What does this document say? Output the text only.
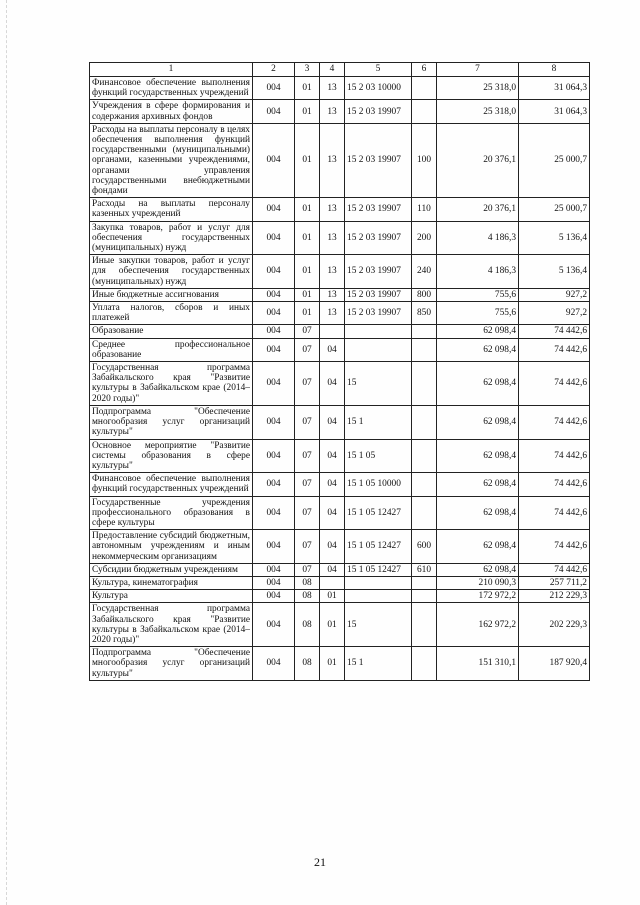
1	2	3	4	5	6	7	8
Финансовое обеспечение выполнения функций государственных учреждений	004	01	13	15 2 03 10000		25 318,0	31 064,3
Учреждения в сфере формирования и содержания архивных фондов	004	01	13	15 2 03 19907		25 318,0	31 064,3
Расходы на выплаты персоналу в целях обеспечения выполнения функций государственными (муниципальными) органами, казенными учреждениями, органами управления государственными внебюджетными фондами	004	01	13	15 2 03 19907	100	20 376,1	25 000,7
Расходы на выплаты персоналу казенных учреждений	004	01	13	15 2 03 19907	110	20 376,1	25 000,7
Закупка товаров, работ и услуг для обеспечения государственных (муниципальных) нужд	004	01	13	15 2 03 19907	200	4 186,3	5 136,4
Иные закупки товаров, работ и услуг для обеспечения государственных (муниципальных) нужд	004	01	13	15 2 03 19907	240	4 186,3	5 136,4
Иные бюджетные ассигнования	004	01	13	15 2 03 19907	800	755,6	927,2
Уплата налогов, сборов и иных платежей	004	01	13	15 2 03 19907	850	755,6	927,2
Образование	004	07				62 098,4	74 442,6
Среднее профессиональное образование	004	07	04			62 098,4	74 442,6
Государственная программа Забайкальского края "Развитие культуры в Забайкальском крае (2014–2020 годы)"	004	07	04	15		62 098,4	74 442,6
Подпрограмма "Обеспечение многообразия услуг организаций культуры"	004	07	04	15 1		62 098,4	74 442,6
Основное мероприятие "Развитие системы образования в сфере культуры"	004	07	04	15 1 05		62 098,4	74 442,6
Финансовое обеспечение выполнения функций государственных учреждений	004	07	04	15 1 05 10000		62 098,4	74 442,6
Государственные учреждения профессионального образования в сфере культуры	004	07	04	15 1 05 12427		62 098,4	74 442,6
Предоставление субсидий бюджетным, автономным учреждениям и иным некоммерческим организациям	004	07	04	15 1 05 12427	600	62 098,4	74 442,6
Субсидии бюджетным учреждениям	004	07	04	15 1 05 12427	610	62 098,4	74 442,6
Культура, кинематография	004	08				210 090,3	257 711,2
Культура	004	08	01			172 972,2	212 229,3
Государственная программа Забайкальского края "Развитие культуры в Забайкальском крае (2014–2020 годы)"	004	08	01	15		162 972,2	202 229,3
Подпрограмма "Обеспечение многообразия услуг организаций культуры"	004	08	01	15 1		151 310,1	187 920,4
21
